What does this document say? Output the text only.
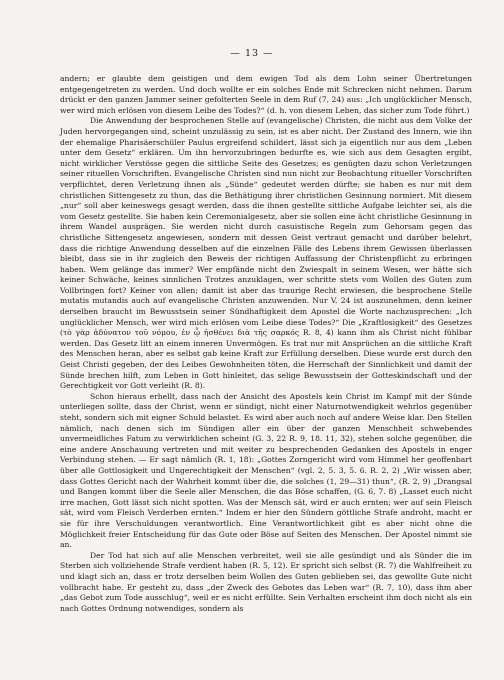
— 13 —

andern; er glaubte dem geistigen und dem ewigen Tod als dem Lohn seiner Übertretungen entgegengetreten zu werden. Und doch wollte er ein solches Ende mit Schrecken nicht nehmen. Darum drückt er den ganzen Jammer seiner gefolterten Seele in dem Ruf (7, 24) aus: „Ich unglücklicher Mensch, wer wird mich erlösen von diesem Leibe des Todes?“ (d. h. von diesem Leben, das sicher zum Tode führt.)

Die Anwendung der besprochenen Stelle auf (evangelische) Christen, die nicht aus dem Volke der Juden hervorgegangen sind, scheint unzulässig zu sein, ist es aber nicht. Der Zustand des Innern, wie ihn der ehemalige Pharisäerschüler Paulus ergreifend schildert, lässt sich ja eigentlich nur aus dem „Leben unter dem Gesetz“ erklären. Um ihn hervorzubringen bedurfte es, wie sich aus dem Gesagten ergibt, nicht wirklicher Verstösse gegen die sittliche Seite des Gesetzes; es genügten dazu schon Verletzungen seiner rituellen Vorschriften. Evangelische Christen sind nun nicht zur Beobachtung ritueller Vorschriften verpflichtet, deren Verletzung ihnen als „Sünde“ gedeutet werden dürfte; sie haben es nur mit dem christlichen Sittengesetz zu thun, das die Bethätigung ihrer christlichen Gesinnung normiert. Mit diesem „nur“ soll aber keineswegs gesagt werden, dass die ihnen gestellte sittliche Aufgabe leichter sei, als die vom Gesetz gestellte. Sie haben kein Ceremonialgesetz, aber sie sollen eine ächt christliche Gesinnung in ihrem Wandel ausprägen. Sie werden nicht durch casuistische Regeln zum Gehorsam gegen das christliche Sittengesetz angewiesen, sondern mit dessen Geist vertraut gemacht und darüber belehrt, dass die richtige Anwendung desselben auf die einzelnen Fälle des Lebens ihrem Gewissen überlassen bleibt, dass sie in ihr zugleich den Beweis der richtigen Auffassung der Christenpflicht zu erbringen haben. Wem gelänge das immer? Wer empfände nicht den Zwiespalt in seinem Wesen, wer hätte sich keiner Schwäche, keines sinnlichen Trotzes anzuklagen, wer schritte stets vom Wollen des Guten zum Vollbringen fort? Keiner von allen; damit ist aber das traurige Recht erwiesen, die besprochene Stelle mutatis mutandis auch auf evangelische Christen anzuwenden. Nur V. 24 ist auszunehmen, denn keiner derselben braucht im Bewusstsein seiner Sündhaftigkeit dem Apostel die Worte nachzusprechen: „Ich unglücklicher Mensch, wer wird mich erlösen vom Leibe diese Todes?“ Die „Kraftlosigkeit“ des Gesetzes (τὸ γὰρ ἀδύνατον τοῦ νόμου, ἐν ᾧ ἠσθένει διὰ τῆς σαρκός R. 8, 4) kann ihm als Christ nicht fühlbar werden. Das Gesetz litt an einem inneren Unvermögen. Es trat nur mit Ansprüchen an die sittliche Kraft des Menschen heran, aber es selbst gab keine Kraft zur Erfüllung derselben. Diese wurde erst durch den Geist Christi gegeben, der des Leibes Gewohnheiten töten, die Herrschaft der Sinnlichkeit und damit der Sünde brechen hilft, zum Leben in Gott hinleitet, das selige Bewusstsein der Gotteskindschaft und der Gerechtigkeit vor Gott verleiht (R. 8).

Schon hieraus erhellt, dass nach der Ansicht des Apostels kein Christ im Kampf mit der Sünde unterliegen sollte, dass der Christ, wenn er sündigt, nicht einer Naturnotwendigkeit wehrlos gegenüber steht, sondern sich mit eigner Schuld belastet. Es wird aber auch noch auf andere Weise klar. Den Stellen nämlich, nach denen sich im Sündigen aller ein über der ganzen Menschheit schwebendes unvermeidliches Fatum zu verwirklichen scheint (G. 3, 22 R. 9, 18. 11, 32), stehen solche gegenüber, die eine andere Anschauung vertreten und mit weiter zu besprechenden Gedanken des Apostels in enger Verbindung stehen. — Er sagt nämlich (R. 1, 18): „Gottes Zorngericht wird vom Himmel her geoffenbart über alle Gottlosigkeit und Ungerechtigkeit der Menschen“ (vgl. 2, 5. 3, 5. 6. R. 2, 2) „Wir wissen aber, dass Gottes Gericht nach der Wahrheit kommt über die, die solches (1, 29—31) thun“, (R. 2, 9) „Drangsal und Bangen kommt über die Seele aller Menschen, die das Böse schaffen, (G. 6, 7. 8) „Lasset euch nicht irre machen, Gott lässt sich nicht spotten. Was der Mensch sät, wird er auch ernten; wer auf sein Fleisch sät, wird vom Fleisch Verderben ernten.“ Indem er hier den Sündern göttliche Strafe androht, macht er sie für ihre Verschuldungen verantwortlich. Eine Verantwortlichkeit gibt es aber nicht ohne die Möglichkeit freier Entscheidung für das Gute oder Böse auf Seiten des Menschen. Der Apostel nimmt sie an.

Der Tod hat sich auf alle Menschen verbreitet, weil sie alle gesündigt und als Sünder die im Sterben sich vollziehende Strafe verdient haben (R. 5, 12). Er spricht sich selbst (R. 7) die Wahlfreiheit zu und klagt sich an, dass er trotz derselben beim Wollen des Guten geblieben sei, das gewollte Gute nicht vollbracht habe. Er gesteht zu, dass „der Zweck des Gebotes das Leben war“ (R. 7, 10), dass ihm aber „das Gebot zum Tode ausschlug“, weil er es nicht erfüllte. Sein Verhalten erscheint ihm doch nicht als ein nach Gottes Ordnung notwendiges, sondern als
